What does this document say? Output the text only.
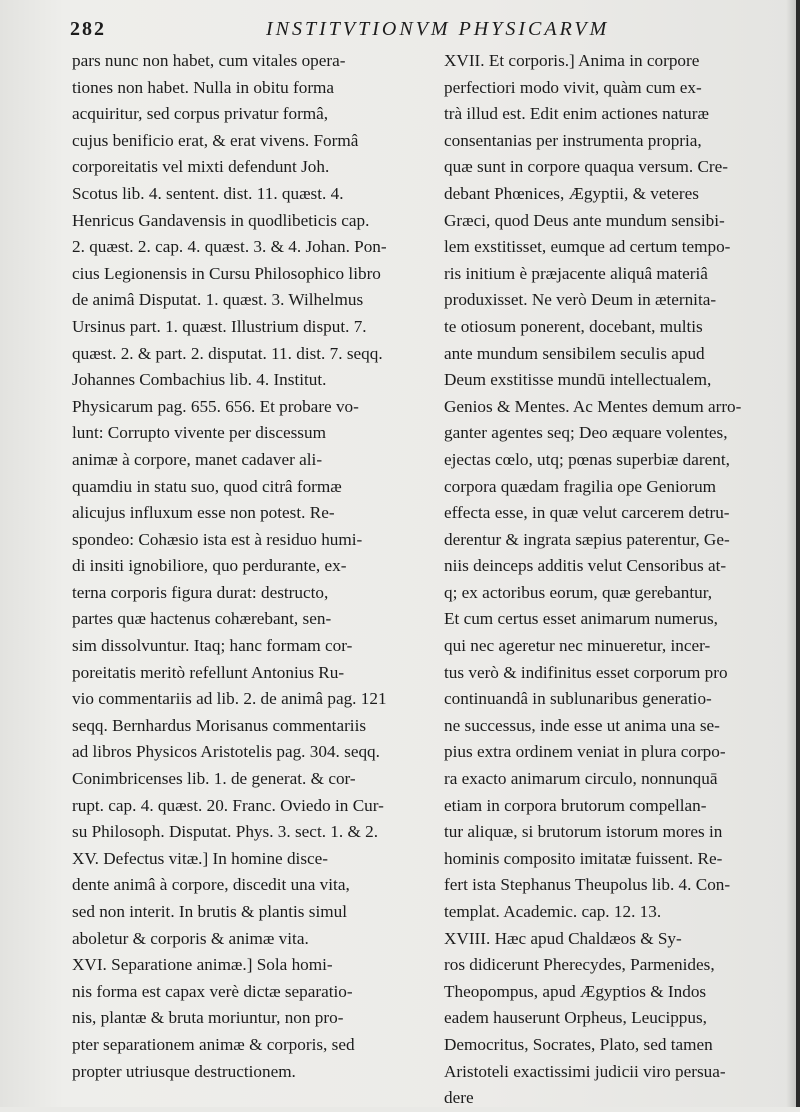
282	INSTITVTIONVM PHYSICARVM
pars nunc non habet, cum vitales opera-
tiones non habet. Nulla in obitu forma
acquiritur, sed corpus privatur formâ,
cujus benificio erat, & erat vivens. Formâ
corporeitatis vel mixti defendunt Joh.
Scotus lib. 4. sentent. dist. 11. quæst. 4.
Henricus Gandavensis in quodlibeticis cap.
2. quæst. 2. cap. 4. quæst. 3. & 4. Johan. Pon-
cius Legionensis in Cursu Philosophico libro
de animâ Disputat. 1. quæst. 3. Wilhelmus
Ursinus part. 1. quæst. Illustrium disput. 7.
quæst. 2. & part. 2. disputat. 11. dist. 7. seqq.
Johannes Combachius lib. 4. Institut.
Physicarum pag. 655. 656. Et probare vo-
lunt: Corrupto vivente per discessum
animæ à corpore, manet cadaver ali-
quamdiu in statu suo, quod citrâ formæ
alicujus influxum esse non potest. Re-
spondeo: Cohæsio ista est à residuo humi-
di insiti ignobiliore, quo perdurante, ex-
terna corporis figura durat: destructo,
partes quæ hactenus cohærebant, sen-
sim dissolvuntur. Itaq; hanc formam cor-
poreitatis meritò refellunt Antonius Ru-
vio commentariis ad lib. 2. de animâ pag. 121
seqq. Bernhardus Morisanus commentariis
ad libros Physicos Aristotelis pag. 304. seqq.
Conimbricenses lib. 1. de generat. & cor-
rupt. cap. 4. quæst. 20. Franc. Oviedo in Cur-
su Philosoph. Disputat. Phys. 3. sect. 1. & 2.
XV. Defectus vitæ.] In homine disce-
dente animâ à corpore, discedit una vita,
sed non interit. In brutis & plantis simul
aboletur & corporis & animæ vita.
XVI. Separatione animæ.] Sola homi-
nis forma est capax verè dictæ separatio-
nis, plantæ & bruta moriuntur, non pro-
pter separationem animæ & corporis, sed
propter utriusque destructionem.
XVII. Et corporis.] Anima in corpore
perfectiori modo vivit, quàm cum ex-
trà illud est. Edit enim actiones naturæ
consentanias per instrumenta propria,
quæ sunt in corpore quaqua versum. Cre-
debant Phœnices, Ægyptii, & veteres
Græci, quod Deus ante mundum sensibi-
lem exstitisset, eumque ad certum tempo-
ris initium è præjacente aliquâ materiâ
produxisset. Ne verò Deum in æternita-
te otiosum ponerent, docebant, multis
ante mundum sensibilem seculis apud
Deum exstitisse mundū intellectualem,
Genios & Mentes. Ac Mentes demum arro-
ganter agentes seq; Deo æquare volentes,
ejectas cœlo, utq; pœnas superbiæ darent,
corpora quædam fragilia ope Geniorum
effecta esse, in quæ velut carcerem detru-
derentur & ingrata sæpius paterentur, Ge-
niis deinceps additis velut Censoribus at-
q; ex actoribus eorum, quæ gerebantur,
Et cum certus esset animarum numerus,
qui nec ageretur nec minueretur, incer-
tus verò & indifinitus esset corporum pro
continuandâ in sublunaribus generatio-
ne successus, inde esse ut anima una se-
pius extra ordinem veniat in plura corpo-
ra exacto animarum circulo, nonnunquā
etiam in corpora brutorum compellan-
tur aliquæ, si brutorum istorum mores in
hominis composito imitatæ fuissent. Re-
fert ista Stephanus Theupolus lib. 4. Con-
templat. Academic. cap. 12. 13.
XVIII. Hæc apud Chaldæos & Sy-
ros didicerunt Pherecydes, Parmenides,
Theopompus, apud Ægyptios & Indos
eadem hauserunt Orpheus, Leucippus,
Democritus, Socrates, Plato, sed tamen
Aristoteli exactissimi judicii viro persua-
dere
